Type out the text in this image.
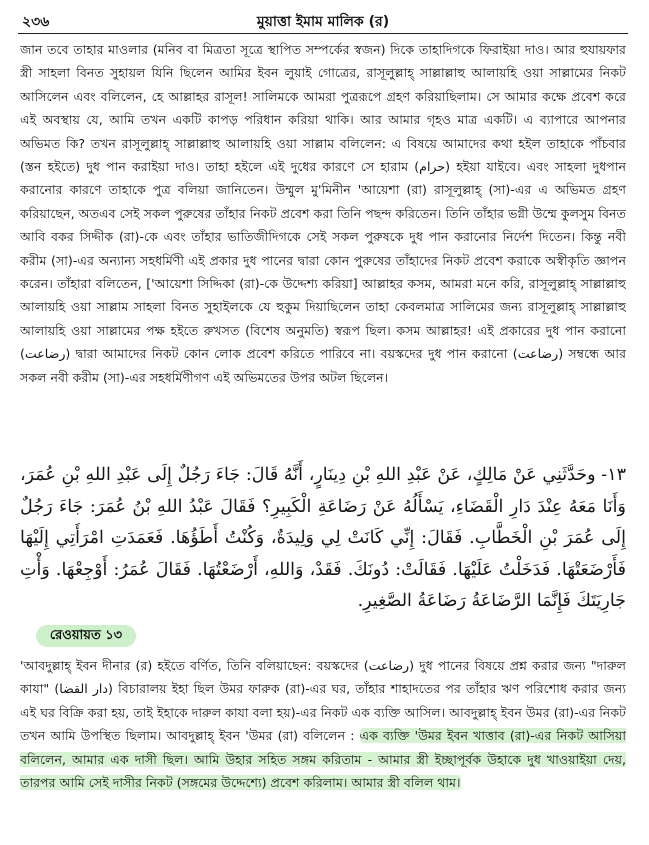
২৩৬	মুয়াত্তা ইমাম মালিক (র)

জান তবে তাহার মাওলার (মনিব বা মিত্রতা সূত্রে স্থাপিত সম্পর্কের স্বজন) দিকে তাহাদিগকে ফিরাইয়া দাও। আর হুযায়ফার স্ত্রী সাহলা বিনত সুহায়ল যিনি ছিলেন আমির ইবন লুয়াই গোত্রের, রাসূলুল্লাহ্ সাল্লাল্লাহু আলায়হি ওয়া সাল্লামের নিকট আসিলেন এবং বলিলেন, হে আল্লাহর রাসূল! সালিমকে আমরা পুত্ররূপে গ্রহণ করিয়াছিলাম। সে আমার কক্ষে প্রবেশ করে এই অবস্থায় যে, আমি তখন একটি কাপড় পরিধান করিয়া থাকি। আর আমার গৃহও মাত্র একটি। এ ব্যাপারে আপনার অভিমত কি? তখন রাসূলুল্লাহ্ সাল্লাল্লাহু আলায়হি ওয়া সাল্লাম বলিলেন: এ বিষয়ে আমাদের কথা হইল তাহাকে পাঁচবার (স্তন হইতে) দুধ পান করাইয়া দাও। তাহা হইলে এই দুধের কারণে সে হারাম (حرام) হইয়া যাইবে। এবং সাহলা দুধপান করানোর কারণে তাহাকে পুত্র বলিয়া জানিতেন। উম্মুল মু'মিনীন 'আয়েশা (রা) রাসূলুল্লাহ্ (সা)-এর এ অভিমত গ্রহণ করিয়াছেন, অতএব সেই সকল পুরুষের তাঁহার নিকট প্রবেশ করা তিনি পছন্দ করিতেন। তিনি তাঁহার ভগ্নী উম্মে কুলসুম বিনত আবি বকর সিদ্দীক (রা)-কে এবং তাঁহার ভাতিজীদিগকে সেই সকল পুরুষকে দুধ পান করানোর নির্দেশ দিতেন। কিন্তু নবী করীম (সা)-এর অন্যান্য সহধর্মিণী এই প্রকার দুধ পানের দ্বারা কোন পুরুষের তাঁহাদের নিকট প্রবেশ করাকে অস্বীকৃতি জ্ঞাপন করেন। তাঁহারা বলিতেন, ['আয়েশা সিদ্দিকা (রা)-কে উদ্দেশ্য করিয়া] আল্লাহর কসম, আমরা মনে করি, রাসূলুল্লাহ্ সাল্লাল্লাহু আলায়হি ওয়া সাল্লাম সাহলা বিনত সুহাইলকে যে হুকুম দিয়াছিলেন তাহা কেবলমাত্র সালিমের জন্য রাসূলুল্লাহ্ সাল্লাল্লাহু আলায়হি ওয়া সাল্লামের পক্ষ হইতে রুখসত (বিশেষ অনুমতি) স্বরূপ ছিল। কসম আল্লাহর! এই প্রকারের দুধ পান করানো (رضاعت) দ্বারা আমাদের নিকট কোন লোক প্রবেশ করিতে পারিবে না। বয়স্কদের দুধ পান করানো (رضاعت) সম্বন্ধে আর সকল নবী করীম (সা)-এর সহধর্মিণীগণ এই অভিমতের উপর অটল ছিলেন।

١٣- وحَدَّثَنِي عَنْ مَالِكٍ، عَنْ عَبْدِ اللهِ بْنِ دِينَارٍ، أَنَّهُ قَالَ: جَاءَ رَجُلٌ إِلَى عَبْدِ اللهِ بْنِ عُمَرَ، وَأَنَا مَعَهُ عِنْدَ دَارِ الْقَضَاءِ، يَسْأَلُهُ عَنْ رَضَاعَةِ الْكَبِيرِ؟ فَقَالَ عَبْدُ اللهِ بْنُ عُمَرَ: جَاءَ رَجُلٌ إِلَى عُمَرَ بْنِ الْخَطَّابِ. فَقَالَ: إِنِّي كَانَتْ لِي وَلِيدَةٌ، وَكُنْتُ أَطَؤُهَا. فَعَمَدَتِ امْرَأَتِي إِلَيْهَا فَأَرْضَعَتْهَا. فَدَخَلْتُ عَلَيْهَا. فَقَالَتْ: دُونَكَ. فَقَدْ، وَاللهِ، أَرْضَعْتُهَا. فَقَالَ عُمَرُ: أَوْجِعْهَا. وَأْتِ جَارِيَتَكَ فَإِنَّمَا الرَّضَاعَةُ رَضَاعَةُ الصَّغِيرِ.
রেওয়ায়ত ১৩

'আবদুল্লাহ্ ইবন দীনার (র) হইতে বর্ণিত, তিনি বলিয়াছেন: বয়স্কদের (رضاعت) দুধ পানের বিষয়ে প্রশ্ন করার জন্য "দারুল কাযা" (دار القضا) বিচারালয় ইহা ছিল উমর ফারুক (রা)-এর ঘর, তাঁহার শাহাদতের পর তাঁহার ঋণ পরিশোধ করার জন্য এই ঘর বিক্রি করা হয়, তাই ইহাকে দারুল কাযা বলা হয়)-এর নিকট এক ব্যক্তি আসিল। আবদুল্লাহ্ ইবন উমর (রা)-এর নিকট তখন আমি উপস্থিত ছিলাম। আবদুল্লাহ্ ইবন 'উমর (রা) বলিলেন : এক ব্যক্তি 'উমর ইবন খাত্তাব (রা)-এর নিকট আসিয়া বলিলেন, আমার এক দাসী ছিল। আমি উহার সহিত সঙ্গম করিতাম - আমার স্ত্রী ইচ্ছাপূর্বক উহাকে দুধ খাওয়াইয়া দেয়, তারপর আমি সেই দাসীর নিকট (সঙ্গমের উদ্দেশ্যে) প্রবেশ করিলাম। আমার স্ত্রী বলিল থাম।
